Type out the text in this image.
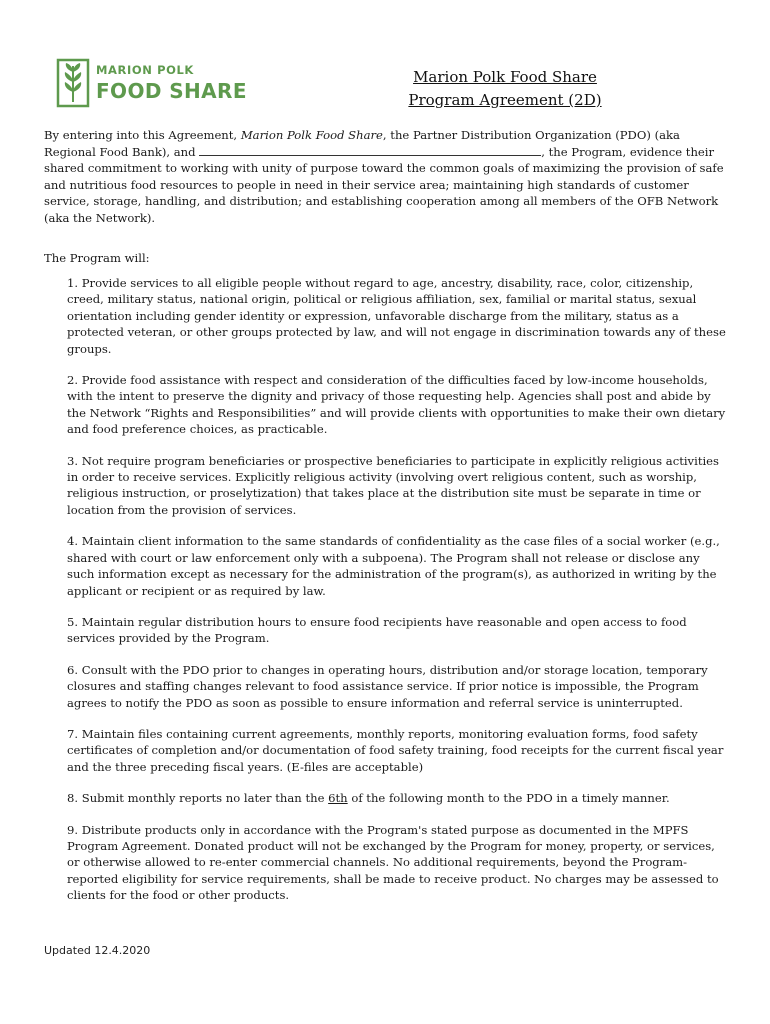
MARION POLK
FOOD SHARE
Marion Polk Food Share
Program Agreement (2D)

By entering into this Agreement, Marion Polk Food Share, the Partner Distribution Organization (PDO) (aka Regional Food Bank), and	, the Program, evidence their shared commitment to working with unity of purpose toward the common goals of maximizing the provision of safe and nutritious food resources to people in need in their service area; maintaining high standards of customer service, storage, handling, and distribution; and establishing cooperation among all members of the OFB Network (aka the Network).

The Program will:

1. Provide services to all eligible people without regard to age, ancestry, disability, race, color, citizenship, creed, military status, national origin, political or religious affiliation, sex, familial or marital status, sexual orientation including gender identity or expression, unfavorable discharge from the military, status as a protected veteran, or other groups protected by law, and will not engage in discrimination towards any of these groups.

2. Provide food assistance with respect and consideration of the difficulties faced by low-income households, with the intent to preserve the dignity and privacy of those requesting help. Agencies shall post and abide by the Network “Rights and Responsibilities” and will provide clients with opportunities to make their own dietary and food preference choices, as practicable.

3. Not require program beneficiaries or prospective beneficiaries to participate in explicitly religious activities in order to receive services. Explicitly religious activity (involving overt religious content, such as worship, religious instruction, or proselytization) that takes place at the distribution site must be separate in time or location from the provision of services.

4. Maintain client information to the same standards of confidentiality as the case files of a social worker (e.g., shared with court or law enforcement only with a subpoena). The Program shall not release or disclose any such information except as necessary for the administration of the program(s), as authorized in writing by the applicant or recipient or as required by law.

5. Maintain regular distribution hours to ensure food recipients have reasonable and open access to food services provided by the Program.

6. Consult with the PDO prior to changes in operating hours, distribution and/or storage location, temporary closures and staffing changes relevant to food assistance service. If prior notice is impossible, the Program agrees to notify the PDO as soon as possible to ensure information and referral service is uninterrupted.

7. Maintain files containing current agreements, monthly reports, monitoring evaluation forms, food safety certificates of completion and/or documentation of food safety training, food receipts for the current fiscal year and the three preceding fiscal years. (E-files are acceptable)

8. Submit monthly reports no later than the 6th of the following month to the PDO in a timely manner.

9. Distribute products only in accordance with the Program's stated purpose as documented in the MPFS Program Agreement. Donated product will not be exchanged by the Program for money, property, or services, or otherwise allowed to re-enter commercial channels. No additional requirements, beyond the Program-reported eligibility for service requirements, shall be made to receive product. No charges may be assessed to clients for the food or other products.

Updated 12.4.2020
